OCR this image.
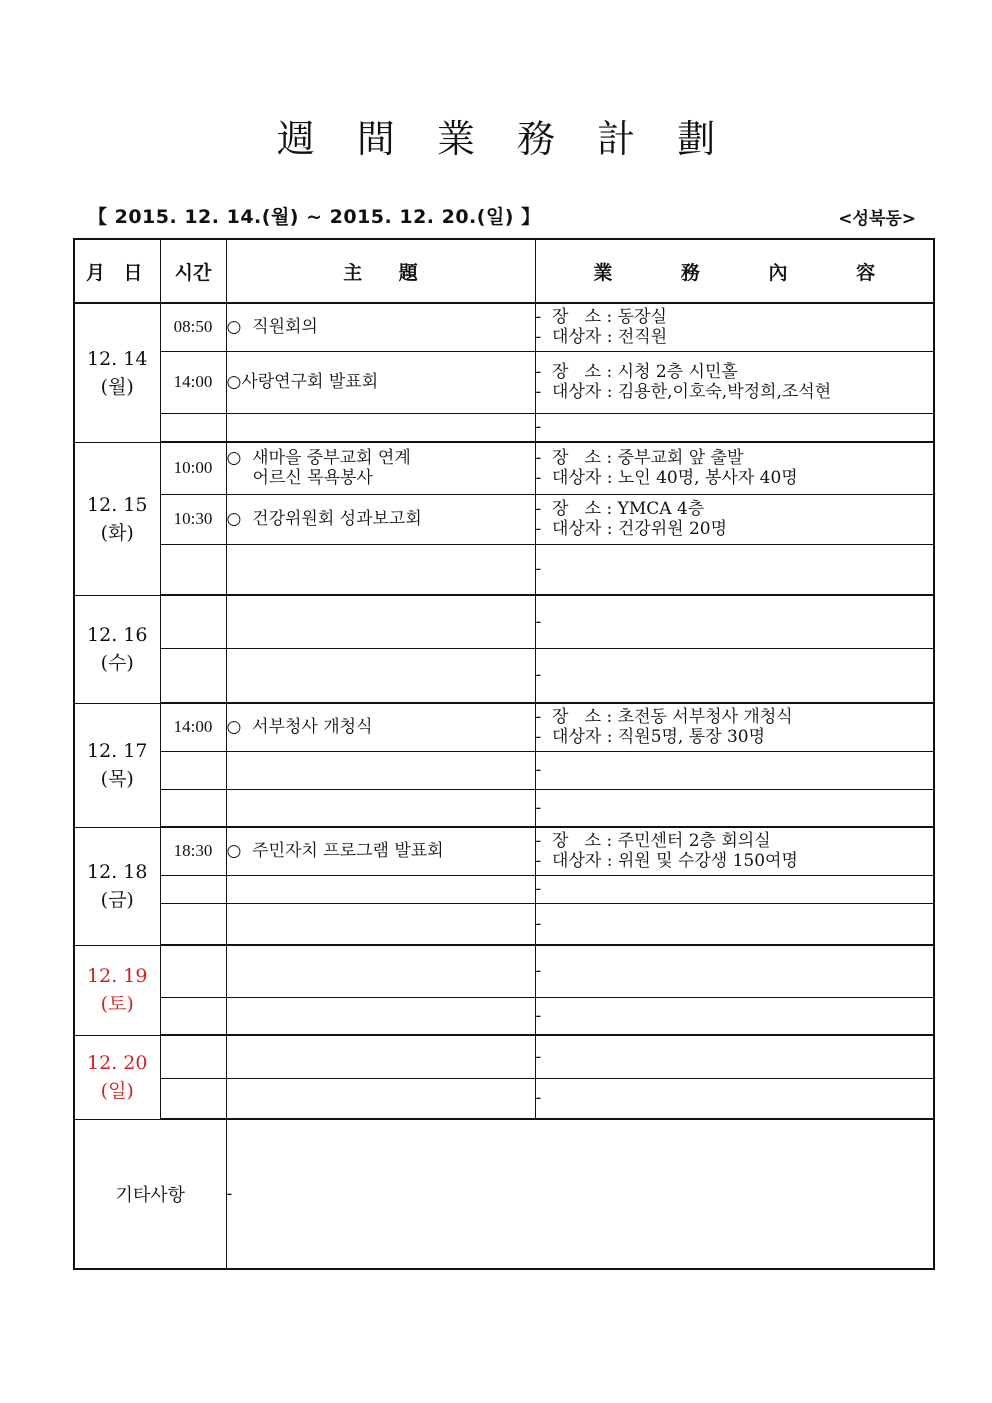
週 間 業 務 計 劃
【 2015. 12. 14.(월) ~ 2015. 12. 20.(일) 】	<성북동>
月 日	시간	主 題	業 務 內 容

12. 14
(월)	08:50	○  직원회의	-  장   소 : 동장실
-  대상자 : 전직원

	14:00	○사랑연구회 발표회	-  장   소 : 시청 2층 시민홀
-  대상자 : 김용한,이호숙,박정희,조석현

			-

12. 15
(화)	10:00	○  새마을 중부교회 연계
어르신 목욕봉사	-  장   소 : 중부교회 앞 출발
-  대상자 : 노인 40명, 봉사자 40명

	10:30	○  건강위원회 성과보고회	-  장   소 : YMCA 4층
-  대상자 : 건강위원 20명

			-

12. 16
(수)			-

			-

12. 17
(목)	14:00	○  서부청사 개청식	-  장   소 : 초전동 서부청사 개청식
-  대상자 : 직원5명, 통장 30명

			-

			-

12. 18
(금)	18:30	○  주민자치 프로그램 발표회	-  장   소 : 주민센터 2층 회의실
-  대상자 : 위원 및 수강생 150여명

			-

			-

12. 19
(토)			-

			-

12. 20
(일)			-

			-

기타사항		-	
